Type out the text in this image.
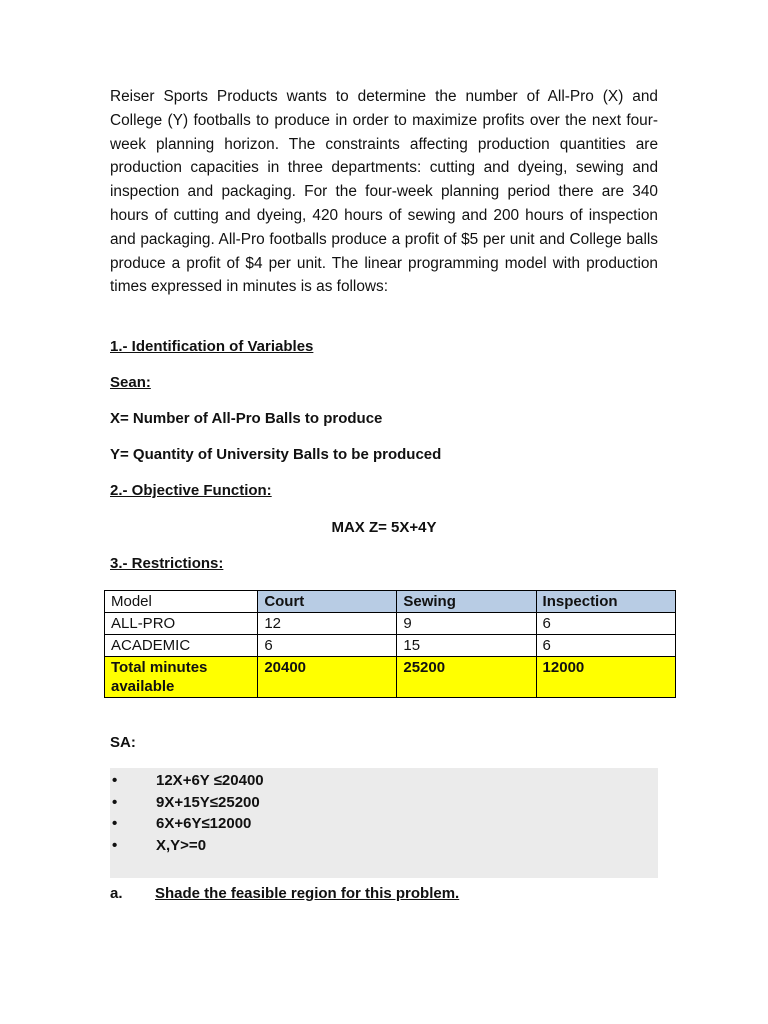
Reiser Sports Products wants to determine the number of All-Pro (X) and College (Y) footballs to produce in order to maximize profits over the next four-week planning horizon. The constraints affecting production quantities are production capacities in three departments: cutting and dyeing, sewing and inspection and packaging. For the four-week planning period there are 340 hours of cutting and dyeing, 420 hours of sewing and 200 hours of inspection and packaging. All-Pro footballs produce a profit of $5 per unit and College balls produce a profit of $4 per unit. The linear programming model with production times expressed in minutes is as follows:

1.- Identification of Variables

Sean:

X= Number of All-Pro Balls to produce

Y= Quantity of University Balls to be produced

2.- Objective Function:

MAX Z= 5X+4Y

3.- Restrictions:

Model	Court	Sewing	Inspection
ALL-PRO	12	9	6
ACADEMIC	6	15	6
Total minutes available	20400	25200	12000

SA:

•	12X+6Y ≤20400
•	9X+15Y≤25200
•	6X+6Y≤12000
•	X,Y>=0
a. Shade the feasible region for this problem.
